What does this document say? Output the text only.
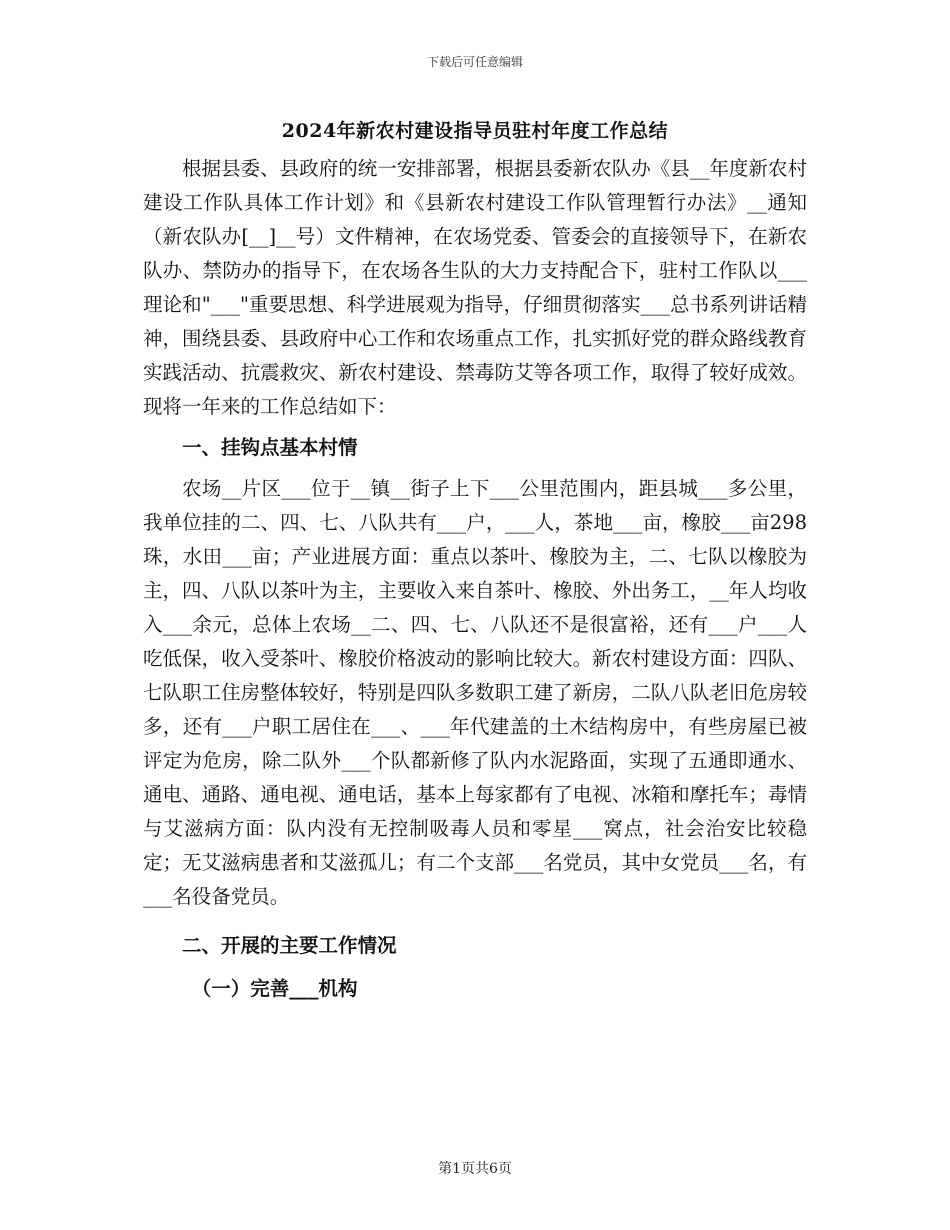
下载后可任意编辑
2024年新农村建设指导员驻村年度工作总结

根据县委、县政府的统一安排部署，根据县委新农队办《县__年度新农村建设工作队具体工作计划》和《县新农村建设工作队管理暂行办法》__通知（新农队办[__]__号）文件精神，在农场党委、管委会的直接领导下，在新农队办、禁防办的指导下，在农场各生队的大力支持配合下，驻村工作队以___理论和"___"重要思想、科学进展观为指导，仔细贯彻落实___总书系列讲话精神，围绕县委、县政府中心工作和农场重点工作，扎实抓好党的群众路线教育实践活动、抗震救灾、新农村建设、禁毒防艾等各项工作，取得了较好成效。现将一年来的工作总结如下：

一、挂钩点基本村情

农场__片区___位于__镇__街子上下___公里范围内，距县城___多公里，我单位挂的二、四、七、八队共有___户，___人，茶地___亩，橡胶___亩298珠，水田___亩；产业进展方面：重点以茶叶、橡胶为主，二、七队以橡胶为主，四、八队以茶叶为主，主要收入来自茶叶、橡胶、外出务工，__年人均收入___余元，总体上农场__二、四、七、八队还不是很富裕，还有___户___人吃低保，收入受茶叶、橡胶价格波动的影响比较大。新农村建设方面：四队、七队职工住房整体较好，特别是四队多数职工建了新房，二队八队老旧危房较多，还有___户职工居住在___、___年代建盖的土木结构房中，有些房屋已被评定为危房，除二队外___个队都新修了队内水泥路面，实现了五通即通水、通电、通路、通电视、通电话，基本上每家都有了电视、冰箱和摩托车；毒情与艾滋病方面：队内没有无控制吸毒人员和零星___窝点，社会治安比较稳定；无艾滋病患者和艾滋孤儿；有二个支部___名党员，其中女党员___名，有___名役备党员。

二、开展的主要工作情况

（一）完善___机构

第1页共6页
